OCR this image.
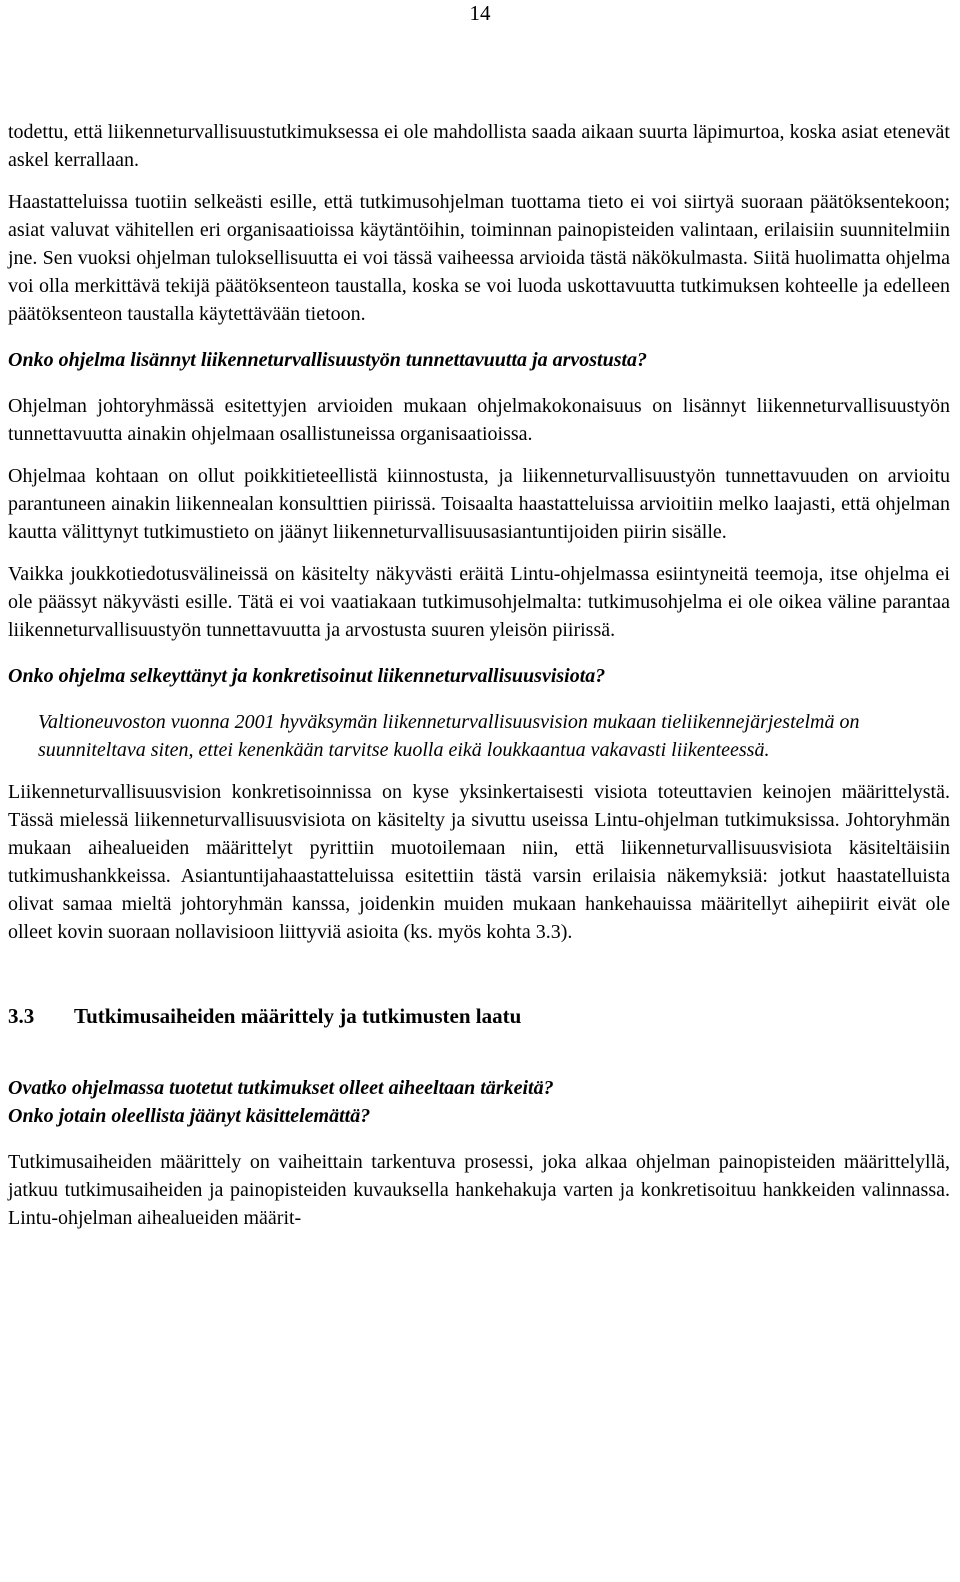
14

todettu, että liikenneturvallisuustutkimuksessa ei ole mahdollista saada aikaan suurta läpimurtoa, koska asiat etenevät askel kerrallaan.

Haastatteluissa tuotiin selkeästi esille, että tutkimusohjelman tuottama tieto ei voi siirtyä suoraan päätöksentekoon; asiat valuvat vähitellen eri organisaatioissa käytäntöihin, toiminnan painopisteiden valintaan, erilaisiin suunnitelmiin jne. Sen vuoksi ohjelman tuloksellisuutta ei voi tässä vaiheessa arvioida tästä näkökulmasta. Siitä huolimatta ohjelma voi olla merkittävä tekijä päätöksenteon taustalla, koska se voi luoda uskottavuutta tutkimuksen kohteelle ja edelleen päätöksenteon taustalla käytettävään tietoon.

Onko ohjelma lisännyt liikenneturvallisuustyön tunnettavuutta ja arvostusta?

Ohjelman johtoryhmässä esitettyjen arvioiden mukaan ohjelmakokonaisuus on lisännyt liikenneturvallisuustyön tunnettavuutta ainakin ohjelmaan osallistuneissa organisaatioissa.

Ohjelmaa kohtaan on ollut poikkitieteellistä kiinnostusta, ja liikenneturvallisuustyön tunnettavuuden on arvioitu parantuneen ainakin liikennealan konsulttien piirissä. Toisaalta haastatteluissa arvioitiin melko laajasti, että ohjelman kautta välittynyt tutkimustieto on jäänyt liikenneturvallisuusasiantuntijoiden piirin sisälle.

Vaikka joukkotiedotusvälineissä on käsitelty näkyvästi eräitä Lintu-ohjelmassa esiintyneitä teemoja, itse ohjelma ei ole päässyt näkyvästi esille. Tätä ei voi vaatiakaan tutkimusohjelmalta: tutkimusohjelma ei ole oikea väline parantaa liikenneturvallisuustyön tunnettavuutta ja arvostusta suuren yleisön piirissä.

Onko ohjelma selkeyttänyt ja konkretisoinut liikenneturvallisuusvisiota?

Valtioneuvoston vuonna 2001 hyväksymän liikenneturvallisuusvision mukaan tieliikennejärjestelmä on suunniteltava siten, ettei kenenkään tarvitse kuolla eikä loukkaantua vakavasti liikenteessä.

Liikenneturvallisuusvision konkretisoinnissa on kyse yksinkertaisesti visiota toteuttavien keinojen määrittelystä. Tässä mielessä liikenneturvallisuusvisiota on käsitelty ja sivuttu useissa Lintu-ohjelman tutkimuksissa. Johtoryhmän mukaan aihealueiden määrittelyt pyrittiin muotoilemaan niin, että liikenneturvallisuusvisiota käsiteltäisiin tutkimushankkeissa. Asiantuntijahaastatteluissa esitettiin tästä varsin erilaisia näkemyksiä: jotkut haastatelluista olivat samaa mieltä johtoryhmän kanssa, joidenkin muiden mukaan hankehauissa määritellyt aihepiirit eivät ole olleet kovin suoraan nollavisioon liittyviä asioita (ks. myös kohta 3.3).

3.3 Tutkimusaiheiden määrittely ja tutkimusten laatu

Ovatko ohjelmassa tuotetut tutkimukset olleet aiheeltaan tärkeitä?

Onko jotain oleellista jäänyt käsittelemättä?

Tutkimusaiheiden määrittely on vaiheittain tarkentuva prosessi, joka alkaa ohjelman painopisteiden määrittelyllä, jatkuu tutkimusaiheiden ja painopisteiden kuvauksella hankehakuja varten ja konkretisoituu hankkeiden valinnassa. Lintu-ohjelman aihealueiden määrit-
